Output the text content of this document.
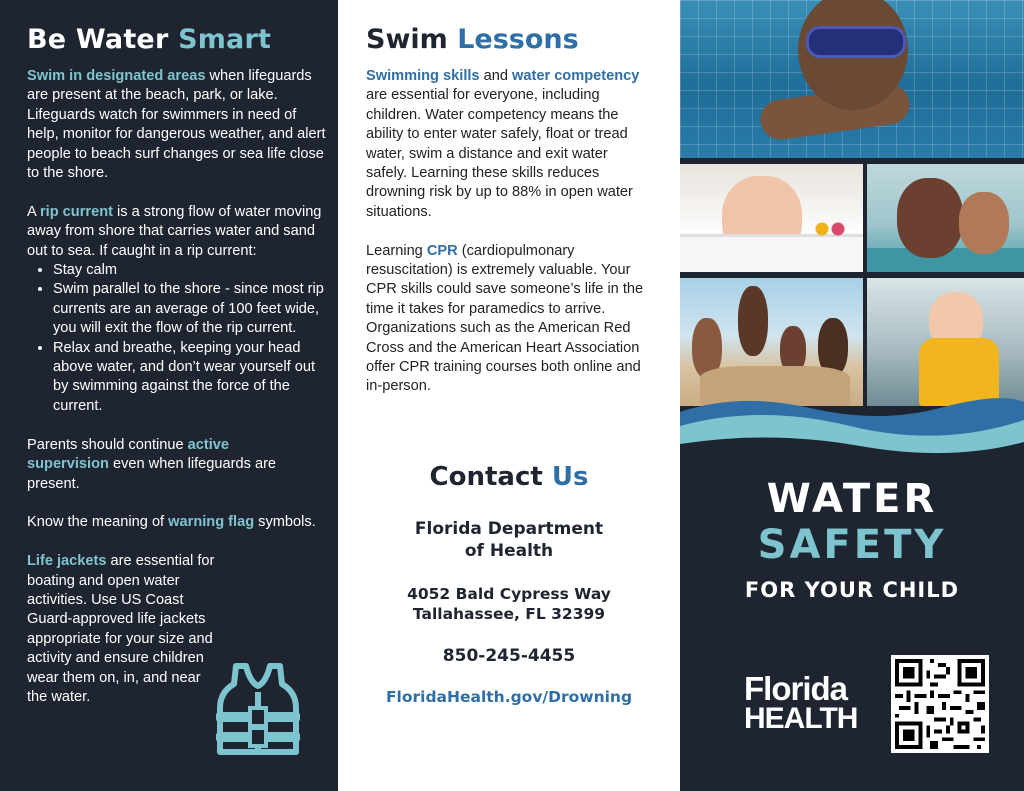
Be Water Smart

Swim in designated areas when lifeguards are present at the beach, park, or lake. Lifeguards watch for swimmers in need of help, monitor for dangerous weather, and alert people to beach surf changes or sea life close to the shore.

A rip current is a strong flow of water moving away from shore that carries water and sand out to sea. If caught in a rip current:

• Stay calm
• Swim parallel to the shore - since most rip currents are an average of 100 feet wide, you will exit the flow of the rip current.
• Relax and breathe, keeping your head above water, and don’t wear yourself out by swimming against the force of the current.

Parents should continue active supervision even when lifeguards are present.

Know the meaning of warning flag symbols.

Life jackets are essential for boating and open water activities. Use US Coast Guard-approved life jackets appropriate for your size and activity and ensure children wear them on, in, and near the water.

Swim Lessons

Swimming skills and water competency are essential for everyone, including children. Water competency means the ability to enter water safely, float or tread water, swim a distance and exit water safely. Learning these skills reduces drowning risk by up to 88% in open water situations.

Learning CPR (cardiopulmonary resuscitation) is extremely valuable. Your CPR skills could save someone’s life in the time it takes for paramedics to arrive. Organizations such as the American Red Cross and the American Heart Association offer CPR training courses both online and in-person.

Contact Us
Florida Department
of Health
4052 Bald Cypress Way
Tallahassee, FL 32399
850-245-4455
FloridaHealth.gov/Drowning
WATER
SAFETY
FOR YOUR CHILD
Florida
HEALTH
